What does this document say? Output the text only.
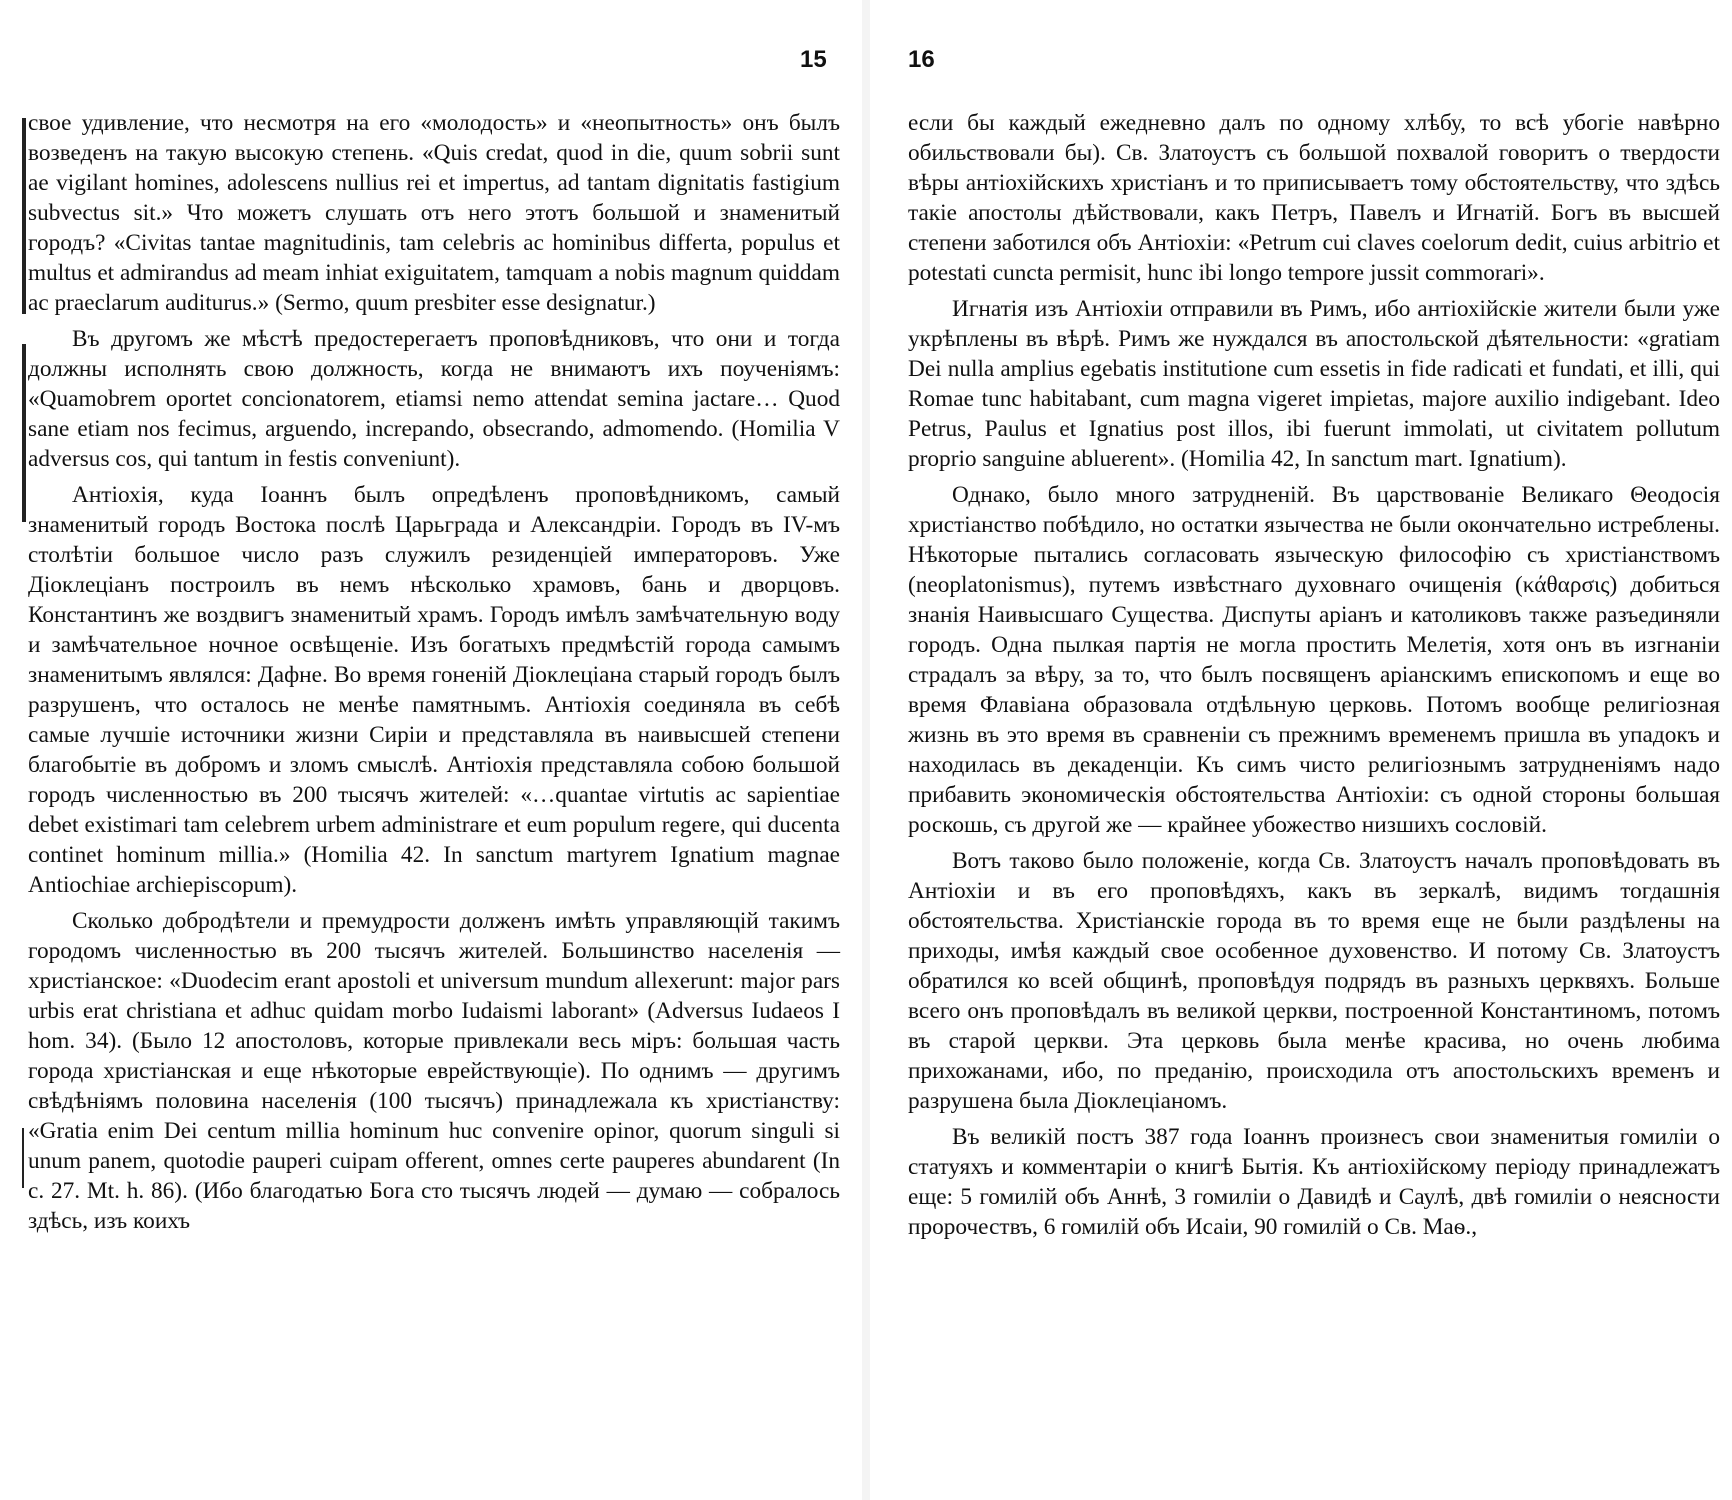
15

свое удивление, что несмотря на его «молодость» и «неопытность» онъ былъ возведенъ на такую высокую степень. «Quis credat, quod in die, quum sobrii sunt ae vigilant homines, adolescens nullius rei et impertus, ad tantam dignitatis fastigium subvectus sit.» Что можетъ слушать отъ него этотъ большой и знаменитый городъ? «Civitas tantae magnitudinis, tam celebris ac hominibus differta, populus et multus et admirandus ad meam inhiat exiguitatem, tamquam a nobis magnum quiddam ac praeclarum auditurus.» (Sermo, quum presbiter esse designatur.)

Въ другомъ же мѣстѣ предостерегаетъ проповѣдниковъ, что они и тогда должны исполнять свою должность, когда не внимаютъ ихъ поученіямъ: «Quamobrem oportet concionatorem, etiamsi nemo attendat semina jactare… Quod sane etiam nos fecimus, arguendo, increpando, obsecrando, admomendo. (Homilia V adversus cos, qui tantum in festis conveniunt).

Антіохія, куда Іоаннъ былъ опредѣленъ проповѣдникомъ, самый знаменитый городъ Востока послѣ Царьграда и Александріи. Городъ въ IV-мъ столѣтіи большое число разъ служилъ резиденціей императоровъ. Уже Діоклеціанъ построилъ въ немъ нѣсколько храмовъ, бань и дворцовъ. Константинъ же воздвигъ знаменитый храмъ. Городъ имѣлъ замѣчательную воду и замѣчательное ночное освѣщеніе. Изъ богатыхъ предмѣстій города самымъ знаменитымъ являлся: Дафне. Во время гоненій Діоклеціана старый городъ былъ разрушенъ, что осталось не менѣе памятнымъ. Антіохія соединяла въ себѣ самые лучшіе источники жизни Сиріи и представляла въ наивысшей степени благобытіе въ добромъ и зломъ смыслѣ. Антіохія представляла собою большой городъ численностью въ 200 тысячъ жителей: «…quantae virtutis ac sapientiae debet existimari tam celebrem urbem administrare et eum populum regere, qui ducenta continet hominum millia.» (Homilia 42. In sanctum martyrem Ignatium magnae Antiochiae archiepiscopum).

Сколько добродѣтели и премудрости долженъ имѣть управляющій такимъ городомъ численностью въ 200 тысячъ жителей. Большинство населенія — христіанское: «Duodecim erant apostoli et universum mundum allexerunt: major pars urbis erat christiana et adhuc quidam morbo Iudaismi laborant» (Adversus Iudaeos I hom. 34). (Было 12 апостоловъ, которые привлекали весь міръ: большая часть города христіанская и еще нѣкоторые еврействующіе). По однимъ — другимъ свѣдѣніямъ половина населенія (100 тысячъ) принадлежала къ христіанству: «Gratia enim Dei centum millia hominum huc convenire opinor, quorum singuli si unum panem, quotodie pauperi cuipam offerent, omnes certe pauperes abundarent (In c. 27. Mt. h. 86). (Ибо благодатью Бога сто тысячъ людей — думаю — собралось здѣсь, изъ коихъ

16

если бы каждый ежедневно далъ по одному хлѣбу, то всѣ убогіе навѣрно обильствовали бы). Св. Златоустъ съ большой похвалой говоритъ о твердости вѣры антіохійскихъ христіанъ и то приписываетъ тому обстоятельству, что здѣсь такіе апостолы дѣйствовали, какъ Петръ, Павелъ и Игнатій. Богъ въ высшей степени заботился объ Антіохіи: «Petrum cui claves coelorum dedit, cuius arbitrio et potestati cuncta permisit, hunc ibi longo tempore jussit commorari».

Игнатія изъ Антіохіи отправили въ Римъ, ибо антіохійскіе жители были уже укрѣплены въ вѣрѣ. Римъ же нуждался въ апостольской дѣятельности: «gratiam Dei nulla amplius egebatis institutione cum essetis in fide radicati et fundati, et illi, qui Romae tunc habitabant, cum magna vigeret impietas, majore auxilio indigebant. Ideo Petrus, Paulus et Ignatius post illos, ibi fuerunt immolati, ut civitatem pollutum proprio sanguine abluerent». (Homilia 42, In sanctum mart. Ignatium).

Однако, было много затрудненій. Въ царствованіе Великаго Θеодосія христіанство побѣдило, но остатки язычества не были окончательно истреблены. Нѣкоторые пытались согласовать языческую философію съ христіанствомъ (neoplatonismus), путемъ извѣстнаго духовнаго очищенія (κάθαρσις) добиться знанія Наивысшаго Существа. Диспуты аріанъ и католиковъ также разъединяли городъ. Одна пылкая партія не могла простить Мелетія, хотя онъ въ изгнаніи страдалъ за вѣру, за то, что былъ посвященъ аріанскимъ епископомъ и еще во время Флавіана образовала отдѣльную церковь. Потомъ вообще религіозная жизнь въ это время въ сравненіи съ прежнимъ временемъ пришла въ упадокъ и находилась въ декаденціи. Къ симъ чисто религіознымъ затрудненіямъ надо прибавить экономическія обстоятельства Антіохіи: съ одной стороны большая роскошь, съ другой же — крайнее убожество низшихъ сословій.

Вотъ таково было положеніе, когда Св. Златоустъ началъ проповѣдовать въ Антіохіи и въ его проповѣдяхъ, какъ въ зеркалѣ, видимъ тогдашнія обстоятельства. Христіанскіе города въ то время еще не были раздѣлены на приходы, имѣя каждый свое особенное духовенство. И потому Св. Златоустъ обратился ко всей общинѣ, проповѣдуя подрядъ въ разныхъ церквяхъ. Больше всего онъ проповѣдалъ въ великой церкви, построенной Константиномъ, потомъ въ старой церкви. Эта церковь была менѣе красива, но очень любима прихожанами, ибо, по преданію, происходила отъ апостольскихъ временъ и разрушена была Діоклеціаномъ.

Въ великій постъ 387 года Іоаннъ произнесъ свои знаменитыя гомиліи о статуяхъ и комментаріи о книгѣ Бытія. Къ антіохійскому періоду принадлежатъ еще: 5 гомилій объ Аннѣ, 3 гомиліи о Давидѣ и Саулѣ, двѣ гомиліи о неясности пророчествъ, 6 гомилій объ Исаіи, 90 гомилій о Св. Маѳ.,
